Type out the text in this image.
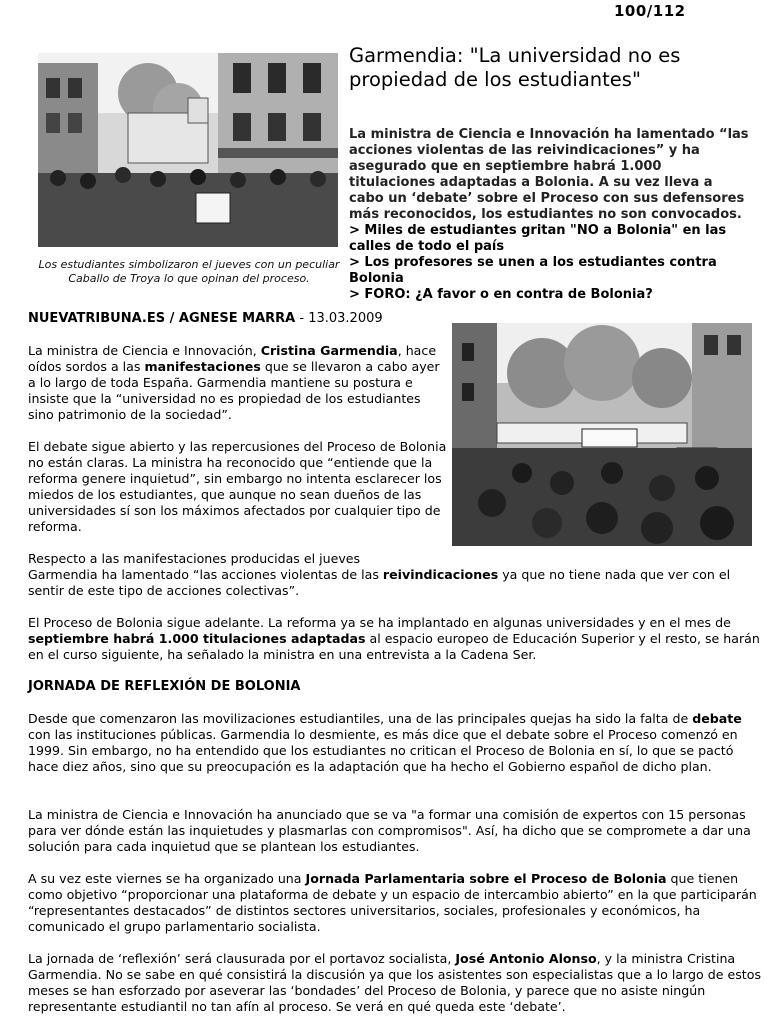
100/112
Los estudiantes simbolizaron el jueves con un peculiar Caballo de Troya lo que opinan del proceso.
Garmendia: "La universidad no es propiedad de los estudiantes"
La ministra de Ciencia e Innovación ha lamentado “las acciones violentas de las reivindicaciones” y ha asegurado que en septiembre habrá 1.000 titulaciones adaptadas a Bolonia. A su vez lleva a cabo un ‘debate’ sobre el Proceso con sus defensores más reconocidos, los estudiantes no son convocados.
> Miles de estudiantes gritan "NO a Bolonia" en las calles de todo el país
> Los profesores se unen a los estudiantes contra Bolonia
> FORO: ¿A favor o en contra de Bolonia?
NUEVATRIBUNA.ES / AGNESE MARRA - 13.03.2009
La ministra de Ciencia e Innovación, Cristina Garmendia, hace oídos sordos a las manifestaciones que se llevaron a cabo ayer a lo largo de toda España. Garmendia mantiene su postura e insiste que la “universidad no es propiedad de los estudiantes sino patrimonio de la sociedad”.
El debate sigue abierto y las repercusiones del Proceso de Bolonia no están claras. La ministra ha reconocido que “entiende que la reforma genere inquietud”, sin embargo no intenta esclarecer los miedos de los estudiantes, que aunque no sean dueños de las universidades sí son los máximos afectados por cualquier tipo de reforma.
Respecto a las manifestaciones producidas el jueves
Garmendia ha lamentado “las acciones violentas de las reivindicaciones ya que no tiene nada que ver con el sentir de este tipo de acciones colectivas”.
El Proceso de Bolonia sigue adelante. La reforma ya se ha implantado en algunas universidades y en el mes de septiembre habrá 1.000 titulaciones adaptadas al espacio europeo de Educación Superior y el resto, se harán en el curso siguiente, ha señalado la ministra en una entrevista a la Cadena Ser.
JORNADA DE REFLEXIÓN DE BOLONIA
Desde que comenzaron las movilizaciones estudiantiles, una de las principales quejas ha sido la falta de debate con las instituciones públicas. Garmendia lo desmiente, es más dice que el debate sobre el Proceso comenzó en 1999. Sin embargo, no ha entendido que los estudiantes no critican el Proceso de Bolonia en sí, lo que se pactó hace diez años, sino que su preocupación es la adaptación que ha hecho el Gobierno español de dicho plan.
La ministra de Ciencia e Innovación ha anunciado que se va "a formar una comisión de expertos con 15 personas para ver dónde están las inquietudes y plasmarlas con compromisos". Así, ha dicho que se compromete a dar una solución para cada inquietud que se plantean los estudiantes.
A su vez este viernes se ha organizado una Jornada Parlamentaria sobre el Proceso de Bolonia que tienen como objetivo “proporcionar una plataforma de debate y un espacio de intercambio abierto” en la que participarán “representantes destacados” de distintos sectores universitarios, sociales, profesionales y económicos, ha comunicado el grupo parlamentario socialista.
La jornada de ‘reflexión’ será clausurada por el portavoz socialista, José Antonio Alonso, y la ministra Cristina Garmendia. No se sabe en qué consistirá la discusión ya que los asistentes son especialistas que a lo largo de estos meses se han esforzado por aseverar las ‘bondades’ del Proceso de Bolonia, y parece que no asiste ningún representante estudiantil no tan afín al proceso. Se verá en qué queda este ‘debate’.
